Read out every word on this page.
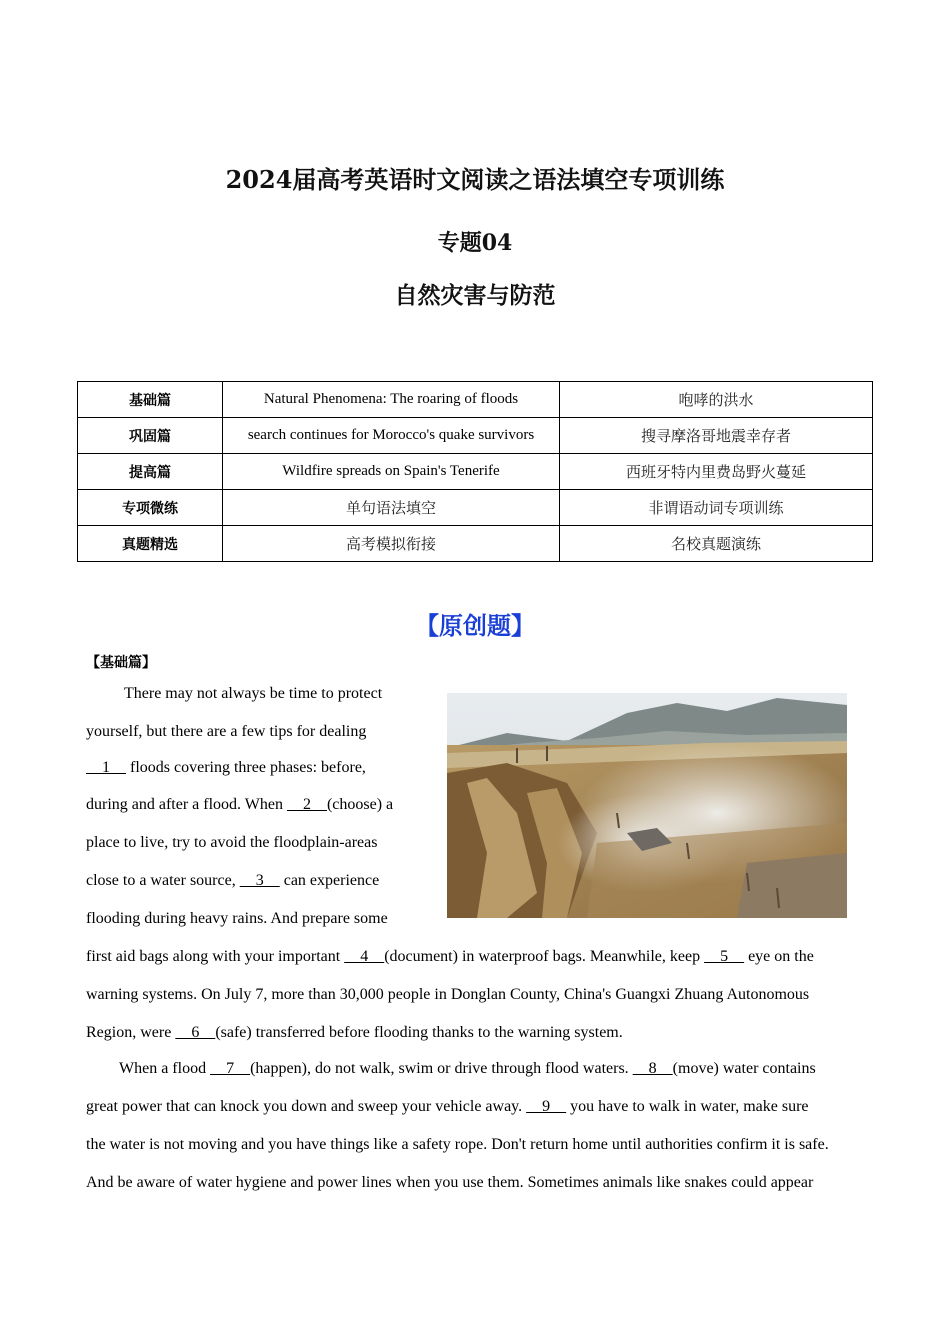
2024届高考英语时文阅读之语法填空专项训练
专题04
自然灾害与防范
基础篇	Natural Phenomena: The roaring of floods	咆哮的洪水
巩固篇	search continues for Morocco's quake survivors	搜寻摩洛哥地震幸存者
提高篇	Wildfire spreads on Spain's Tenerife	西班牙特内里费岛野火蔓延
专项微练	单句语法填空	非谓语动词专项训练
真题精选	高考模拟衔接	名校真题演练
【原创题】
【基础篇】

There may not always be time to protect

yourself, but there are a few tips for dealing

1     floods covering three phases: before,

during and after a flood. When     2    (choose) a

place to live, try to avoid the floodplain-areas

close to a water source,     3     can experience

flooding during heavy rains. And prepare some

first aid bags along with your important     4    (document) in waterproof bags. Meanwhile, keep     5     eye on the

warning systems. On July 7, more than 30,000 people in Donglan County, China's Guangxi Zhuang Autonomous

Region, were     6    (safe) transferred before flooding thanks to the warning system.

When a flood     7    (happen), do not walk, swim or drive through flood waters.     8    (move) water contains

great power that can knock you down and sweep your vehicle away.     9     you have to walk in water, make sure

the water is not moving and you have things like a safety rope. Don't return home until authorities confirm it is safe.

And be aware of water hygiene and power lines when you use them. Sometimes animals like snakes could appear
